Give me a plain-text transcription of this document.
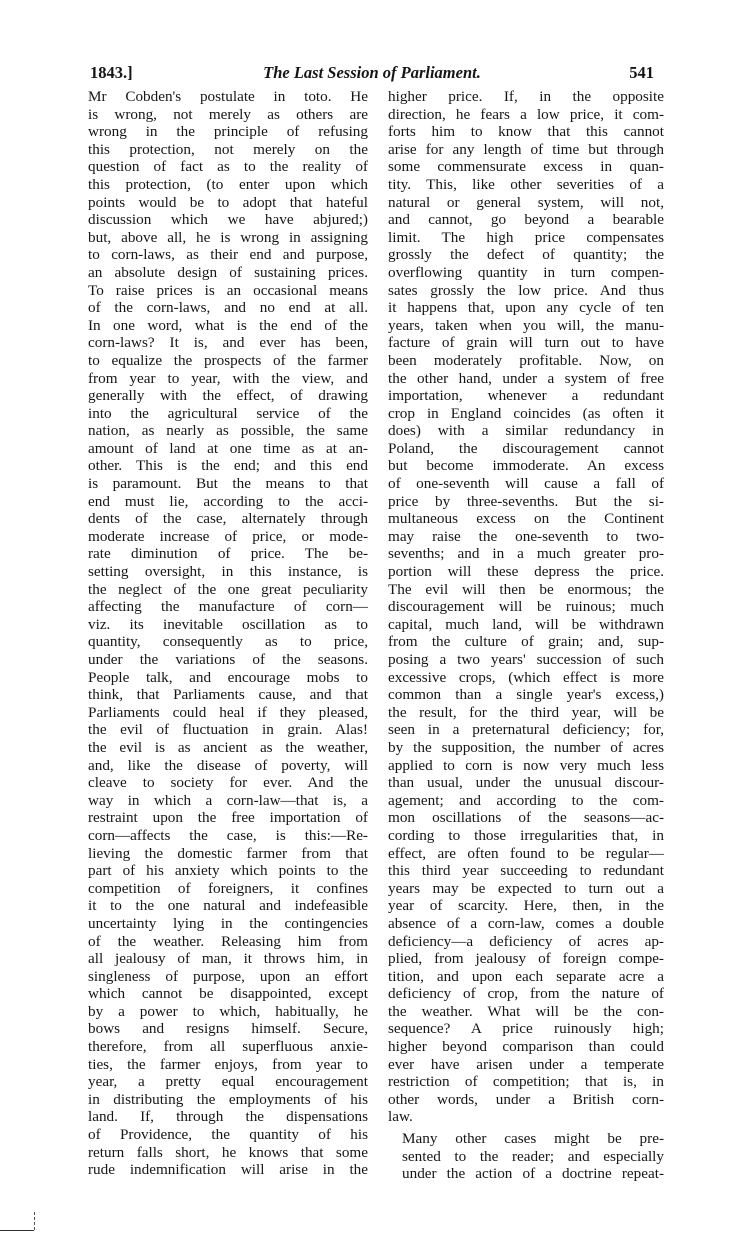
1843.]	The Last Session of Parliament.	541

Mr Cobden's postulate in toto. He
is wrong, not merely as others are
wrong in the principle of refusing
this protection, not merely on the
question of fact as to the reality of
this protection, (to enter upon which
points would be to adopt that hateful
discussion which we have abjured;)
but, above all, he is wrong in assigning
to corn-laws, as their end and purpose,
an absolute design of sustaining prices.
To raise prices is an occasional means
of the corn-laws, and no end at all.
In one word, what is the end of the
corn-laws? It is, and ever has been,
to equalize the prospects of the farmer
from year to year, with the view, and
generally with the effect, of drawing
into the agricultural service of the
nation, as nearly as possible, the same
amount of land at one time as at an-
other. This is the end; and this end
is paramount. But the means to that
end must lie, according to the acci-
dents of the case, alternately through
moderate increase of price, or mode-
rate diminution of price. The be-
setting oversight, in this instance, is
the neglect of the one great peculiarity
affecting the manufacture of corn—
viz. its inevitable oscillation as to
quantity, consequently as to price,
under the variations of the seasons.
People talk, and encourage mobs to
think, that Parliaments cause, and that
Parliaments could heal if they pleased,
the evil of fluctuation in grain. Alas!
the evil is as ancient as the weather,
and, like the disease of poverty, will
cleave to society for ever. And the
way in which a corn-law—that is, a
restraint upon the free importation of
corn—affects the case, is this:—Re-
lieving the domestic farmer from that
part of his anxiety which points to the
competition of foreigners, it confines
it to the one natural and indefeasible
uncertainty lying in the contingencies
of the weather. Releasing him from
all jealousy of man, it throws him, in
singleness of purpose, upon an effort
which cannot be disappointed, except
by a power to which, habitually, he
bows and resigns himself. Secure,
therefore, from all superfluous anxie-
ties, the farmer enjoys, from year to
year, a pretty equal encouragement
in distributing the employments of his
land. If, through the dispensations
of Providence, the quantity of his
return falls short, he knows that some
rude indemnification will arise in the

higher price. If, in the opposite
direction, he fears a low price, it com-
forts him to know that this cannot
arise for any length of time but through
some commensurate excess in quan-
tity. This, like other severities of a
natural or general system, will not,
and cannot, go beyond a bearable
limit. The high price compensates
grossly the defect of quantity; the
overflowing quantity in turn compen-
sates grossly the low price. And thus
it happens that, upon any cycle of ten
years, taken when you will, the manu-
facture of grain will turn out to have
been moderately profitable. Now, on
the other hand, under a system of free
importation, whenever a redundant
crop in England coincides (as often it
does) with a similar redundancy in
Poland, the discouragement cannot
but become immoderate. An excess
of one-seventh will cause a fall of
price by three-sevenths. But the si-
multaneous excess on the Continent
may raise the one-seventh to two-
sevenths; and in a much greater pro-
portion will these depress the price.
The evil will then be enormous; the
discouragement will be ruinous; much
capital, much land, will be withdrawn
from the culture of grain; and, sup-
posing a two years' succession of such
excessive crops, (which effect is more
common than a single year's excess,)
the result, for the third year, will be
seen in a preternatural deficiency; for,
by the supposition, the number of acres
applied to corn is now very much less
than usual, under the unusual discour-
agement; and according to the com-
mon oscillations of the seasons—ac-
cording to those irregularities that, in
effect, are often found to be regular—
this third year succeeding to redundant
years may be expected to turn out a
year of scarcity. Here, then, in the
absence of a corn-law, comes a double
deficiency—a deficiency of acres ap-
plied, from jealousy of foreign compe-
tition, and upon each separate acre a
deficiency of crop, from the nature of
the weather. What will be the con-
sequence? A price ruinously high;
higher beyond comparison than could
ever have arisen under a temperate
restriction of competition; that is, in
other words, under a British corn-
law.

Many other cases might be pre-
sented to the reader; and especially
under the action of a doctrine repeat-
